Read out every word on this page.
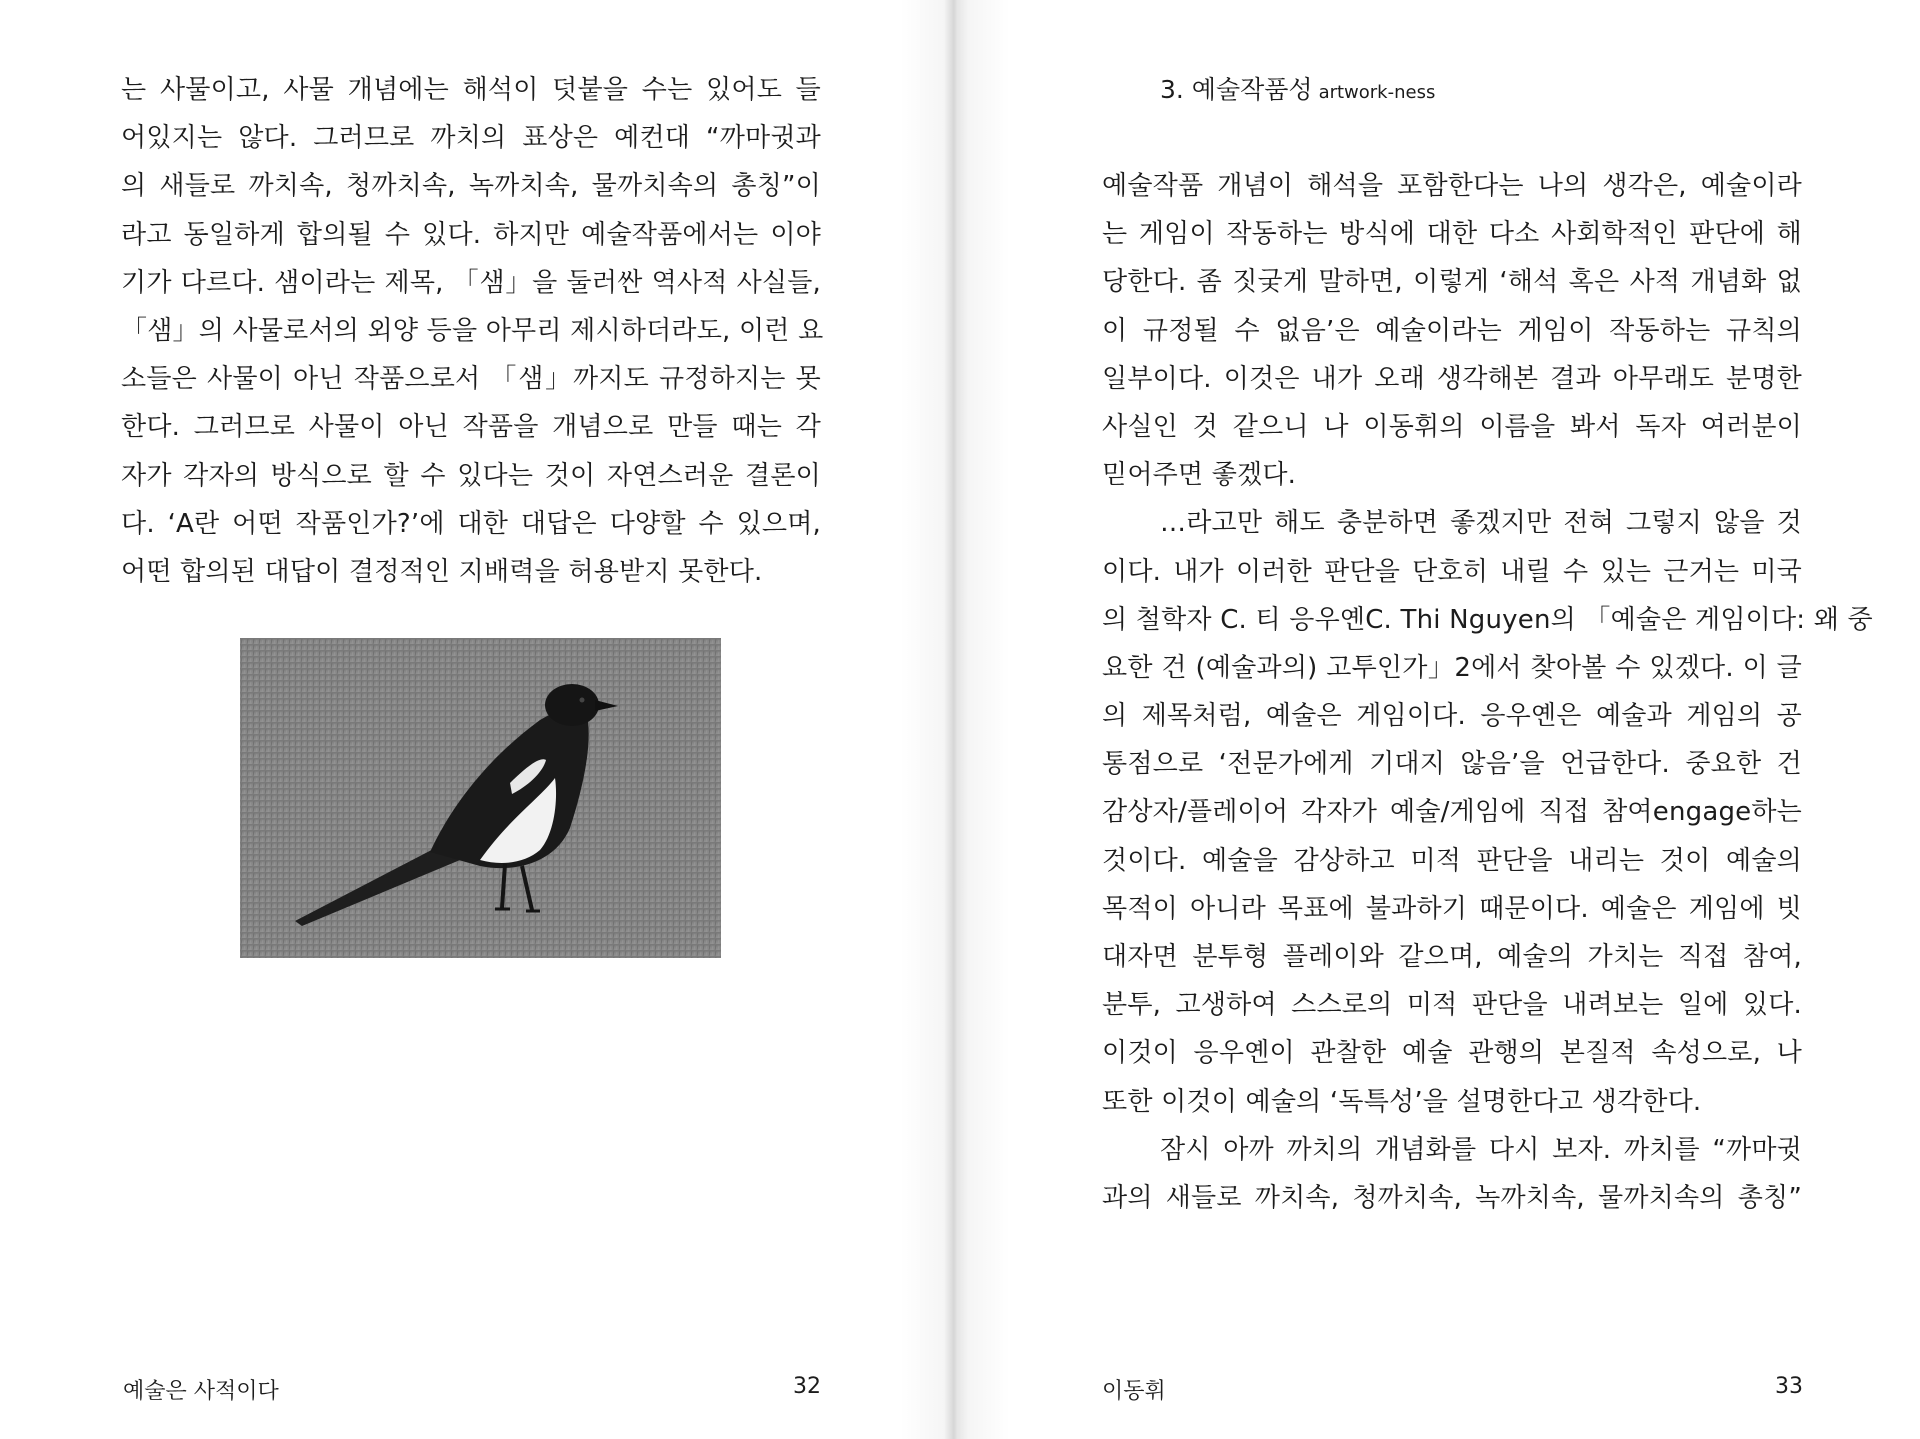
는 사물이고, 사물 개념에는 해석이 덧붙을 수는 있어도 들
어있지는 않다. 그러므로 까치의 표상은 예컨대 “까마귓과
의 새들로 까치속, 청까치속, 녹까치속, 물까치속의 총칭”이
라고 동일하게 합의될 수 있다. 하지만 예술작품에서는 이야
기가 다르다. 샘이라는 제목, 「샘」을 둘러싼 역사적 사실들,
「샘」의 사물로서의 외양 등을 아무리 제시하더라도, 이런 요
소들은 사물이 아닌 작품으로서 「샘」까지도 규정하지는 못
한다. 그러므로 사물이 아닌 작품을 개념으로 만들 때는 각
자가 각자의 방식으로 할 수 있다는 것이 자연스러운 결론이
다. ‘A란 어떤 작품인가?’에 대한 대답은 다양할 수 있으며,
어떤 합의된 대답이 결정적인 지배력을 허용받지 못한다.
예술은 사적이다	32
3. 예술작품성 artwork-ness
예술작품 개념이 해석을 포함한다는 나의 생각은, 예술이라
는 게임이 작동하는 방식에 대한 다소 사회학적인 판단에 해
당한다. 좀 짓궂게 말하면, 이렇게 ‘해석 혹은 사적 개념화 없
이 규정될 수 없음’은 예술이라는 게임이 작동하는 규칙의
일부이다. 이것은 내가 오래 생각해본 결과 아무래도 분명한
사실인 것 같으니 나 이동휘의 이름을 봐서 독자 여러분이
믿어주면 좋겠다.
…라고만 해도 충분하면 좋겠지만 전혀 그렇지 않을 것
이다. 내가 이러한 판단을 단호히 내릴 수 있는 근거는 미국
의 철학자 C. 티 응우옌C. Thi Nguyen의 「예술은 게임이다: 왜 중
요한 건 (예술과의) 고투인가」2에서 찾아볼 수 있겠다. 이 글
의 제목처럼, 예술은 게임이다. 응우옌은 예술과 게임의 공
통점으로 ‘전문가에게 기대지 않음’을 언급한다. 중요한 건
감상자/플레이어 각자가 예술/게임에 직접 참여engage하는
것이다. 예술을 감상하고 미적 판단을 내리는 것이 예술의
목적이 아니라 목표에 불과하기 때문이다. 예술은 게임에 빗
대자면 분투형 플레이와 같으며, 예술의 가치는 직접 참여,
분투, 고생하여 스스로의 미적 판단을 내려보는 일에 있다.
이것이 응우옌이 관찰한 예술 관행의 본질적 속성으로, 나
또한 이것이 예술의 ‘독특성’을 설명한다고 생각한다.
잠시 아까 까치의 개념화를 다시 보자. 까치를 “까마귓
과의 새들로 까치속, 청까치속, 녹까치속, 물까치속의 총칭”
이동휘	33
